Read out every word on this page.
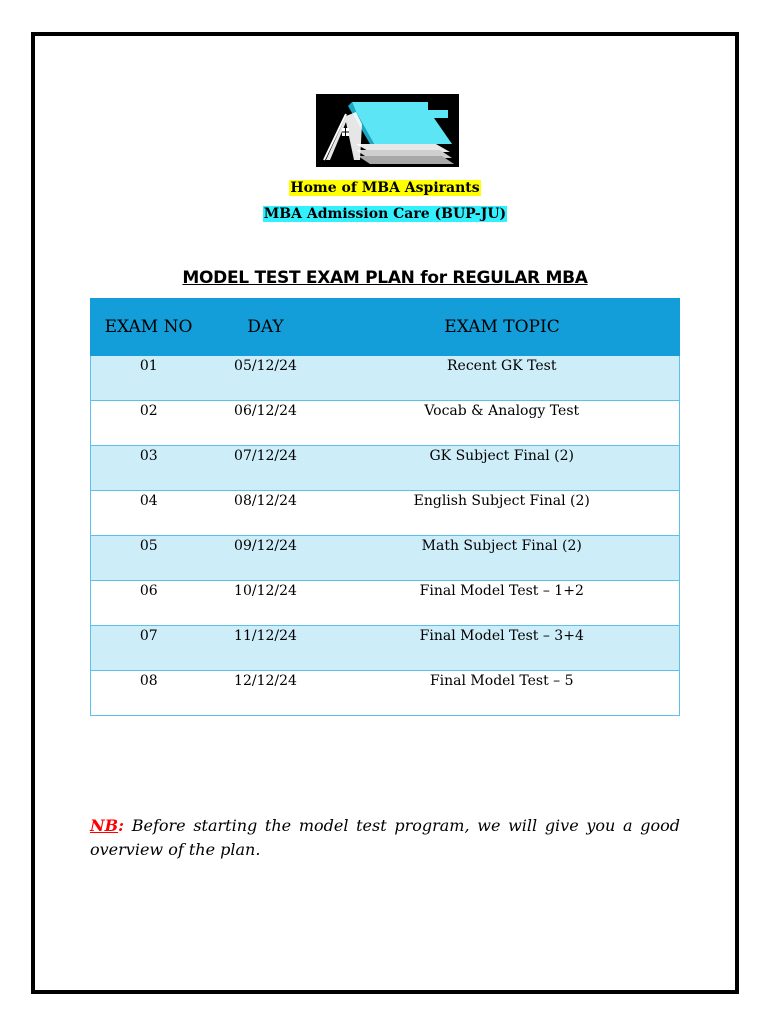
Home of MBA Aspirants
MBA Admission Care (BUP-JU)
MODEL TEST EXAM PLAN for REGULAR MBA
EXAM NO	DAY	EXAM TOPIC
01	05/12/24	Recent GK Test
02	06/12/24	Vocab & Analogy Test
03	07/12/24	GK Subject Final (2)
04	08/12/24	English Subject Final (2)
05	09/12/24	Math Subject Final (2)
06	10/12/24	Final Model Test – 1+2
07	11/12/24	Final Model Test – 3+4
08	12/12/24	Final Model Test – 5

NB: Before starting the model test program, we will give you a good overview of the plan.
